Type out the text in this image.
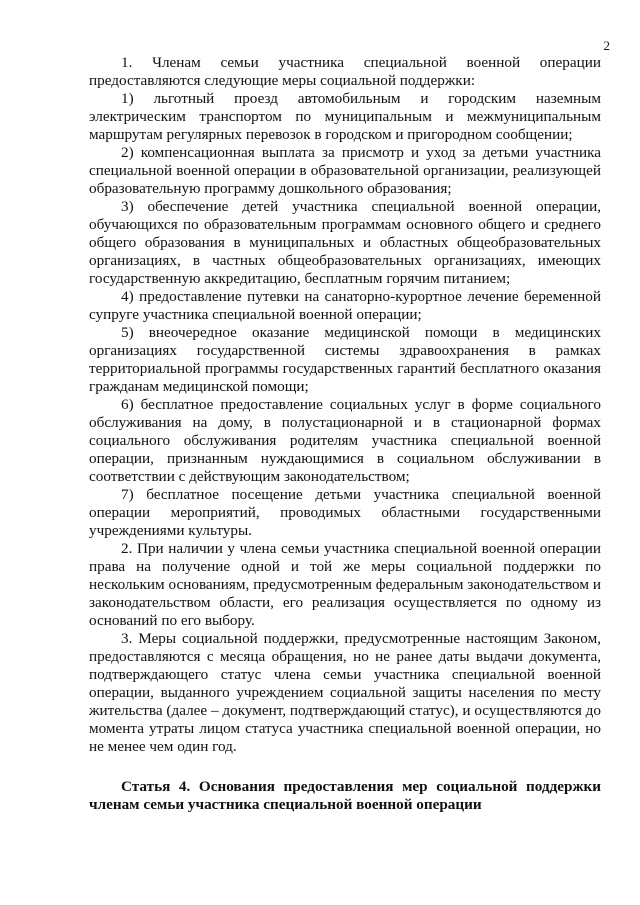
2

1. Членам семьи участника специальной военной операции предоставляются следующие меры социальной поддержки:

1) льготный проезд автомобильным и городским наземным электрическим транспортом по муниципальным и межмуниципальным маршрутам регулярных перевозок в городском и пригородном сообщении;

2) компенсационная выплата за присмотр и уход за детьми участника специальной военной операции в образовательной организации, реализующей образовательную программу дошкольного образования;

3) обеспечение детей участника специальной военной операции, обучающихся по образовательным программам основного общего и среднего общего образования в муниципальных и областных общеобразовательных организациях, в частных общеобразовательных организациях, имеющих государственную аккредитацию, бесплатным горячим питанием;

4) предоставление путевки на санаторно-курортное лечение беременной супруге участника специальной военной операции;

5) внеочередное оказание медицинской помощи в медицинских организациях государственной системы здравоохранения в рамках территориальной программы государственных гарантий бесплатного оказания гражданам медицинской помощи;

6) бесплатное предоставление социальных услуг в форме социального обслуживания на дому, в полустационарной и в стационарной формах социального обслуживания родителям участника специальной военной операции, признанным нуждающимися в социальном обслуживании в соответствии с действующим законодательством;

7) бесплатное посещение детьми участника специальной военной операции мероприятий, проводимых областными государственными учреждениями культуры.

2. При наличии у члена семьи участника специальной военной операции права на получение одной и той же меры социальной поддержки по нескольким основаниям, предусмотренным федеральным законодательством и законодательством области, его реализация осуществляется по одному из оснований по его выбору.

3. Меры социальной поддержки, предусмотренные настоящим Законом, предоставляются с месяца обращения, но не ранее даты выдачи документа, подтверждающего статус члена семьи участника специальной военной операции, выданного учреждением социальной защиты населения по месту жительства (далее – документ, подтверждающий статус), и осуществляются до момента утраты лицом статуса участника специальной военной операции, но не менее чем один год.

Статья 4. Основания предоставления мер социальной поддержки членам семьи участника специальной военной операции
